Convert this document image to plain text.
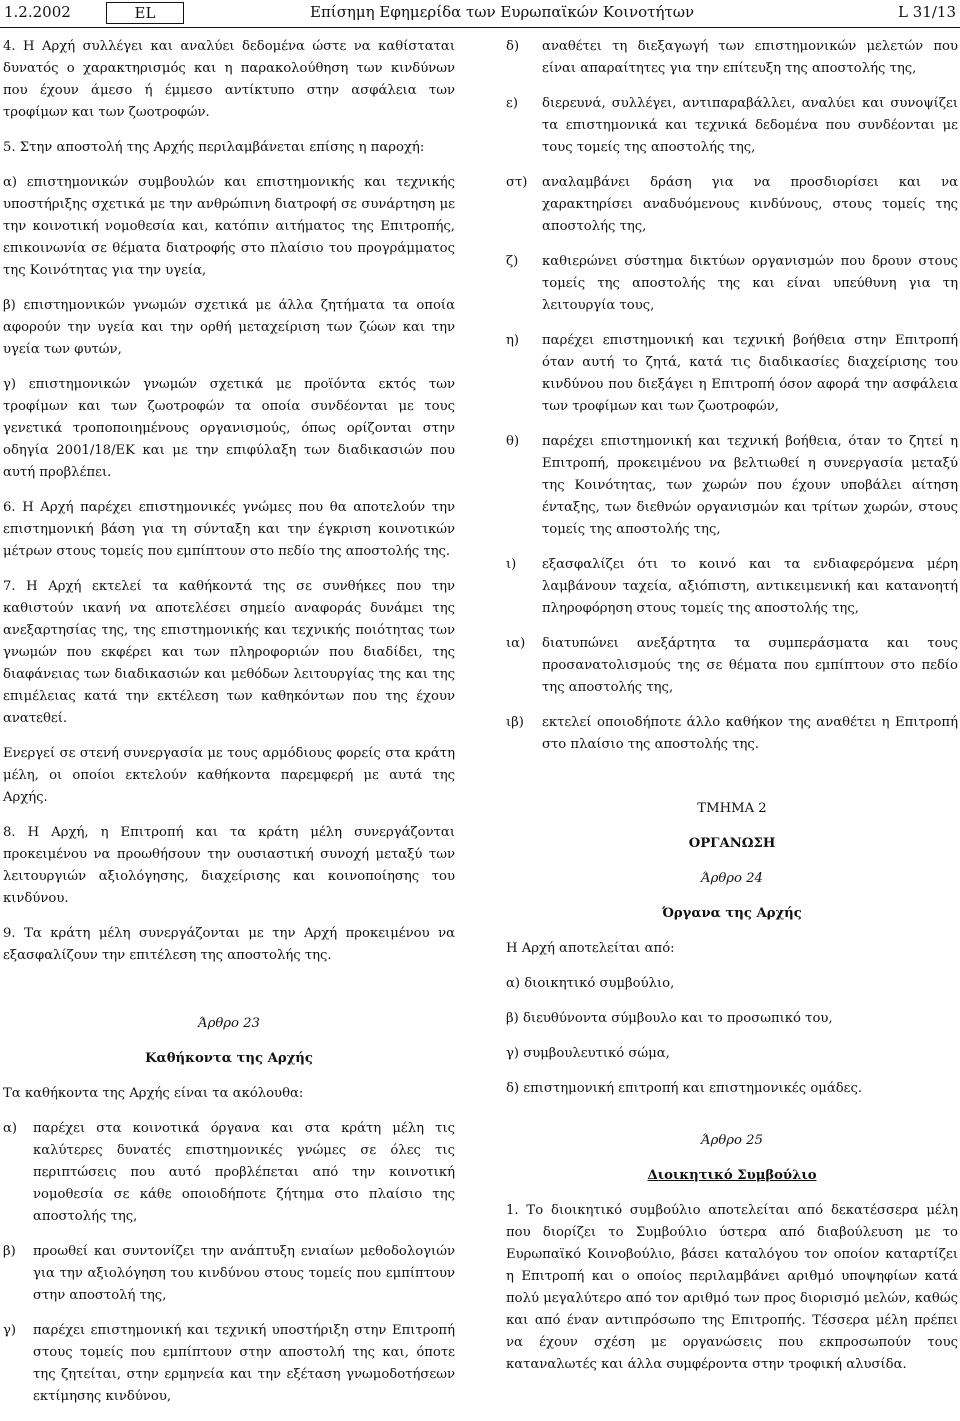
1.2.2002	EL	Επίσημη Εφημερίδα των Ευρωπαϊκών Κοινοτήτων	L 31/13

4. Η Αρχή συλλέγει και αναλύει δεδομένα ώστε να καθίσταται δυνατός ο χαρακτηρισμός και η παρακολούθηση των κινδύνων που έχουν άμεσο ή έμμεσο αντίκτυπο στην ασφάλεια των τροφίμων και των ζωοτροφών.

5. Στην αποστολή της Αρχής περιλαμβάνεται επίσης η παροχή:

α) επιστημονικών συμβουλών και επιστημονικής και τεχνικής υποστήριξης σχετικά με την ανθρώπινη διατροφή σε συνάρτηση με την κοινοτική νομοθεσία και, κατόπιν αιτήματος της Επιτροπής, επικοινωνία σε θέματα διατροφής στο πλαίσιο του προγράμματος της Κοινότητας για την υγεία,

β) επιστημονικών γνωμών σχετικά με άλλα ζητήματα τα οποία αφορούν την υγεία και την ορθή μεταχείριση των ζώων και την υγεία των φυτών,

γ) επιστημονικών γνωμών σχετικά με προϊόντα εκτός των τροφίμων και των ζωοτροφών τα οποία συνδέονται με τους γενετικά τροποποιημένους οργανισμούς, όπως ορίζονται στην οδηγία 2001/18/ΕΚ και με την επιφύλαξη των διαδικασιών που αυτή προβλέπει.

6. Η Αρχή παρέχει επιστημονικές γνώμες που θα αποτελούν την επιστημονική βάση για τη σύνταξη και την έγκριση κοινοτικών μέτρων στους τομείς που εμπίπτουν στο πεδίο της αποστολής της.

7. Η Αρχή εκτελεί τα καθήκοντά της σε συνθήκες που την καθιστούν ικανή να αποτελέσει σημείο αναφοράς δυνάμει της ανεξαρτησίας της, της επιστημονικής και τεχνικής ποιότητας των γνωμών που εκφέρει και των πληροφοριών που διαδίδει, της διαφάνειας των διαδικασιών και μεθόδων λειτουργίας της και της επιμέλειας κατά την εκτέλεση των καθηκόντων που της έχουν ανατεθεί.

Ενεργεί σε στενή συνεργασία με τους αρμόδιους φορείς στα κράτη μέλη, οι οποίοι εκτελούν καθήκοντα παρεμφερή με αυτά της Αρχής.

8. Η Αρχή, η Επιτροπή και τα κράτη μέλη συνεργάζονται προκειμένου να προωθήσουν την ουσιαστική συνοχή μεταξύ των λειτουργιών αξιολόγησης, διαχείρισης και κοινοποίησης του κινδύνου.

9. Τα κράτη μέλη συνεργάζονται με την Αρχή προκειμένου να εξασφαλίζουν την επιτέλεση της αποστολής της.

Άρθρο 23
Καθήκοντα της Αρχής

Τα καθήκοντα της Αρχής είναι τα ακόλουθα:

α)	παρέχει στα κοινοτικά όργανα και στα κράτη μέλη τις καλύτερες δυνατές επιστημονικές γνώμες σε όλες τις περιπτώσεις που αυτό προβλέπεται από την κοινοτική νομοθεσία σε κάθε οποιοδήποτε ζήτημα στο πλαίσιο της αποστολής της,
β)	προωθεί και συντονίζει την ανάπτυξη ενιαίων μεθοδολογιών για την αξιολόγηση του κινδύνου στους τομείς που εμπίπτουν στην αποστολή της,
γ)	παρέχει επιστημονική και τεχνική υποστήριξη στην Επιτροπή στους τομείς που εμπίπτουν στην αποστολή της και, όποτε της ζητείται, στην ερμηνεία και την εξέταση γνωμοδοτήσεων εκτίμησης κινδύνου,
δ)	αναθέτει τη διεξαγωγή των επιστημονικών μελετών που είναι απαραίτητες για την επίτευξη της αποστολής της,
ε)	διερευνά, συλλέγει, αντιπαραβάλλει, αναλύει και συνοψίζει τα επιστημονικά και τεχνικά δεδομένα που συνδέονται με τους τομείς της αποστολής της,
στ)	αναλαμβάνει δράση για να προσδιορίσει και να χαρακτηρίσει αναδυόμενους κινδύνους, στους τομείς της αποστολής της,
ζ)	καθιερώνει σύστημα δικτύων οργανισμών που δρουν στους τομείς της αποστολής της και είναι υπεύθυνη για τη λειτουργία τους,
η)	παρέχει επιστημονική και τεχνική βοήθεια στην Επιτροπή όταν αυτή το ζητά, κατά τις διαδικασίες διαχείρισης του κινδύνου που διεξάγει η Επιτροπή όσον αφορά την ασφάλεια των τροφίμων και των ζωοτροφών,
θ)	παρέχει επιστημονική και τεχνική βοήθεια, όταν το ζητεί η Επιτροπή, προκειμένου να βελτιωθεί η συνεργασία μεταξύ της Κοινότητας, των χωρών που έχουν υποβάλει αίτηση ένταξης, των διεθνών οργανισμών και τρίτων χωρών, στους τομείς της αποστολής της,
ι)	εξασφαλίζει ότι το κοινό και τα ενδιαφερόμενα μέρη λαμβάνουν ταχεία, αξιόπιστη, αντικειμενική και κατανοητή πληροφόρηση στους τομείς της αποστολής της,
ια)	διατυπώνει ανεξάρτητα τα συμπεράσματα και τους προσανατολισμούς της σε θέματα που εμπίπτουν στο πεδίο της αποστολής της,
ιβ)	εκτελεί οποιοδήποτε άλλο καθήκον της αναθέτει η Επιτροπή στο πλαίσιο της αποστολής της.
ΤΜΗΜΑ 2
ΟΡΓΑΝΩΣΗ
Άρθρο 24
Όργανα της Αρχής

Η Αρχή αποτελείται από:

α) διοικητικό συμβούλιο,

β) διευθύνοντα σύμβουλο και το προσωπικό του,

γ) συμβουλευτικό σώμα,

δ) επιστημονική επιτροπή και επιστημονικές ομάδες.

Άρθρο 25
Διοικητικό Συμβούλιο

1. Το διοικητικό συμβούλιο αποτελείται από δεκατέσσερα μέλη που διορίζει το Συμβούλιο ύστερα από διαβούλευση με το Ευρωπαϊκό Κοινοβούλιο, βάσει καταλόγου τον οποίον καταρτίζει η Επιτροπή και ο οποίος περιλαμβάνει αριθμό υποψηφίων κατά πολύ μεγαλύτερο από τον αριθμό των προς διορισμό μελών, καθώς και από έναν αντιπρόσωπο της Επιτροπής. Τέσσερα μέλη πρέπει να έχουν σχέση με οργανώσεις που εκπροσωπούν τους καταναλωτές και άλλα συμφέροντα στην τροφική αλυσίδα.
